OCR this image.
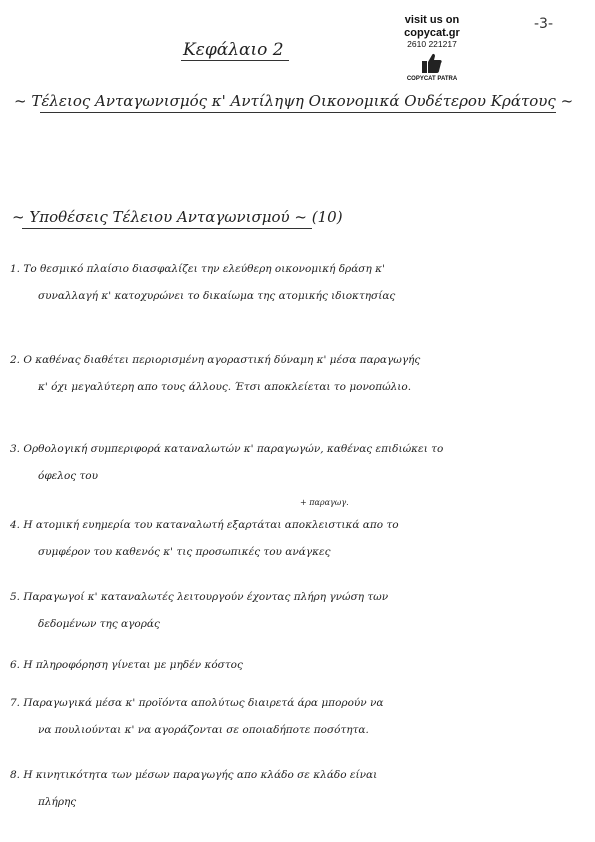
visit us on
copycat.gr
2610 221217
COPYCAT PATRA
-3-
Κεφάλαιο 2
~ Τέλειος Ανταγωνισμός κ' Αντίληψη Οικονομικά Ουδέτερου Κράτους ~
~ Υποθέσεις Τέλειου Ανταγωνισμού ~ (10)
1. Το θεσμικό πλαίσιο διασφαλίζει την ελεύθερη οικονομική δράση κ'
συναλλαγή κ' κατοχυρώνει το δικαίωμα της ατομικής ιδιοκτησίας
2. Ο καθένας διαθέτει περιορισμένη αγοραστική δύναμη κ' μέσα παραγωγής
κ' όχι μεγαλύτερη απο τους άλλους. Έτσι αποκλείεται το μονοπώλιο.
3. Ορθολογική συμπεριφορά καταναλωτών κ' παραγωγών, καθένας επιδιώκει το
όφελος του
+ παραγωγ.
4. Η ατομική ευημερία του καταναλωτή εξαρτάται αποκλειστικά απο το
συμφέρον του καθενός κ' τις προσωπικές του ανάγκες
5. Παραγωγοί κ' καταναλωτές λειτουργούν έχοντας πλήρη γνώση των
δεδομένων της αγοράς
6. Η πληροφόρηση γίνεται με μηδέν κόστος
7. Παραγωγικά μέσα κ' προϊόντα απολύτως διαιρετά άρα μπορούν να
να πουλιούνται κ' να αγοράζονται σε οποιαδήποτε ποσότητα.
8. Η κινητικότητα των μέσων παραγωγής απο κλάδο σε κλάδο είναι
πλήρης
